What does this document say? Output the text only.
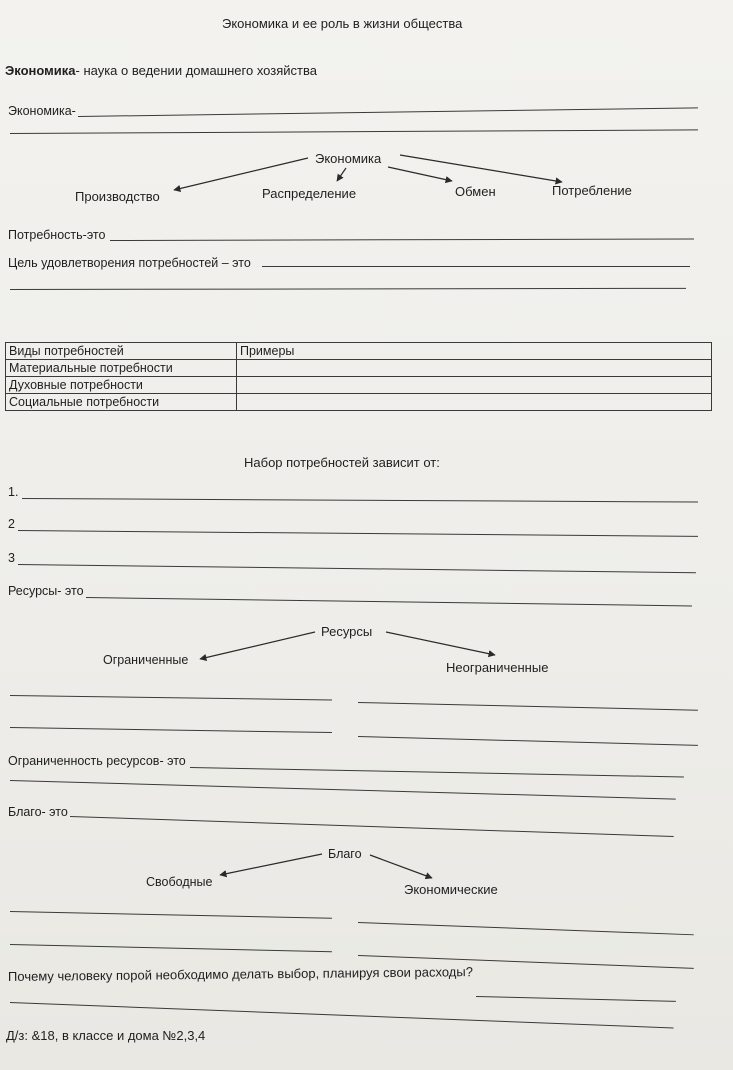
Экономика и ее роль в жизни общества
Экономика- наука о ведении домашнего хозяйства
Экономика-
Экономика
Производство	Распределение	Обмен	Потребление
Потребность-это
Цель удовлетворения потребностей – это
Виды потребностей	Примеры
Материальные потребности	
Духовные потребности	
Социальные потребности	
Набор потребностей зависит от:
1.
2
3
Ресурсы- это
Ресурсы
Ограниченные	Неограниченные
Ограниченность ресурсов- это
Благо- это
Благо
Свободные	Экономические
Почему человеку порой необходимо делать выбор, планируя свои расходы?
Д/з: &18, в классе и дома №2,3,4
